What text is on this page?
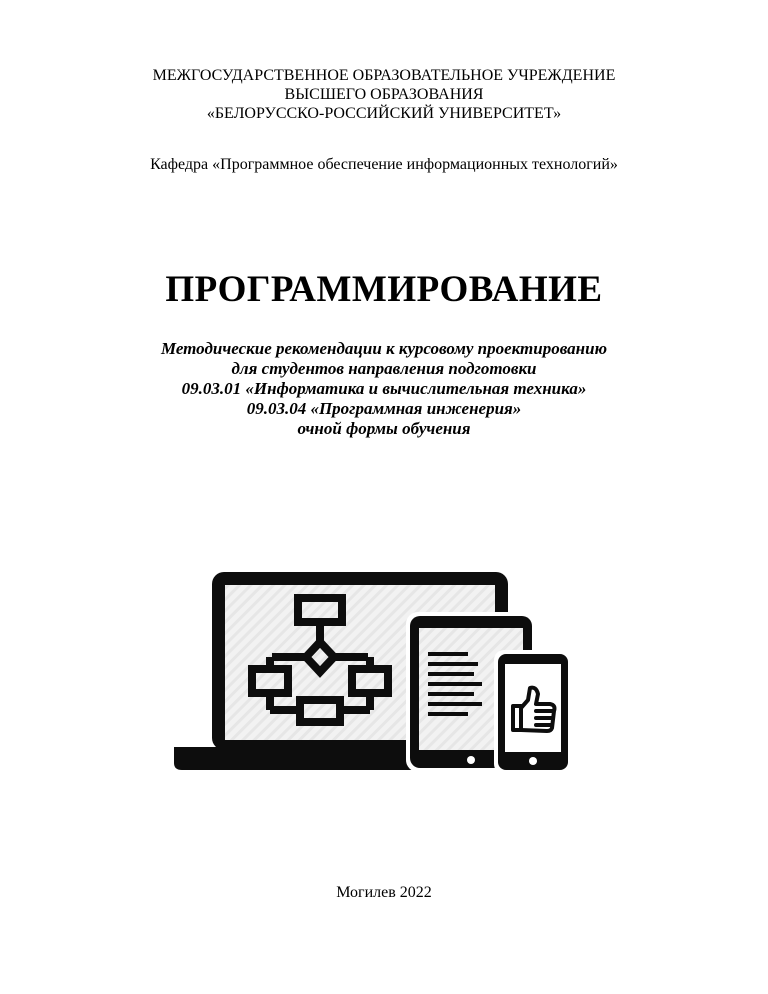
МЕЖГОСУДАРСТВЕННОЕ ОБРАЗОВАТЕЛЬНОЕ УЧРЕЖДЕНИЕ
ВЫСШЕГО ОБРАЗОВАНИЯ
«БЕЛОРУССКО-РОССИЙСКИЙ УНИВЕРСИТЕТ»
Кафедра «Программное обеспечение информационных технологий»
ПРОГРАММИРОВАНИЕ
Методические рекомендации к курсовому проектированию
для студентов направления подготовки
09.03.01 «Информатика и вычислительная техника»
09.03.04 «Программная инженерия»
очной формы обучения
Могилев 2022
